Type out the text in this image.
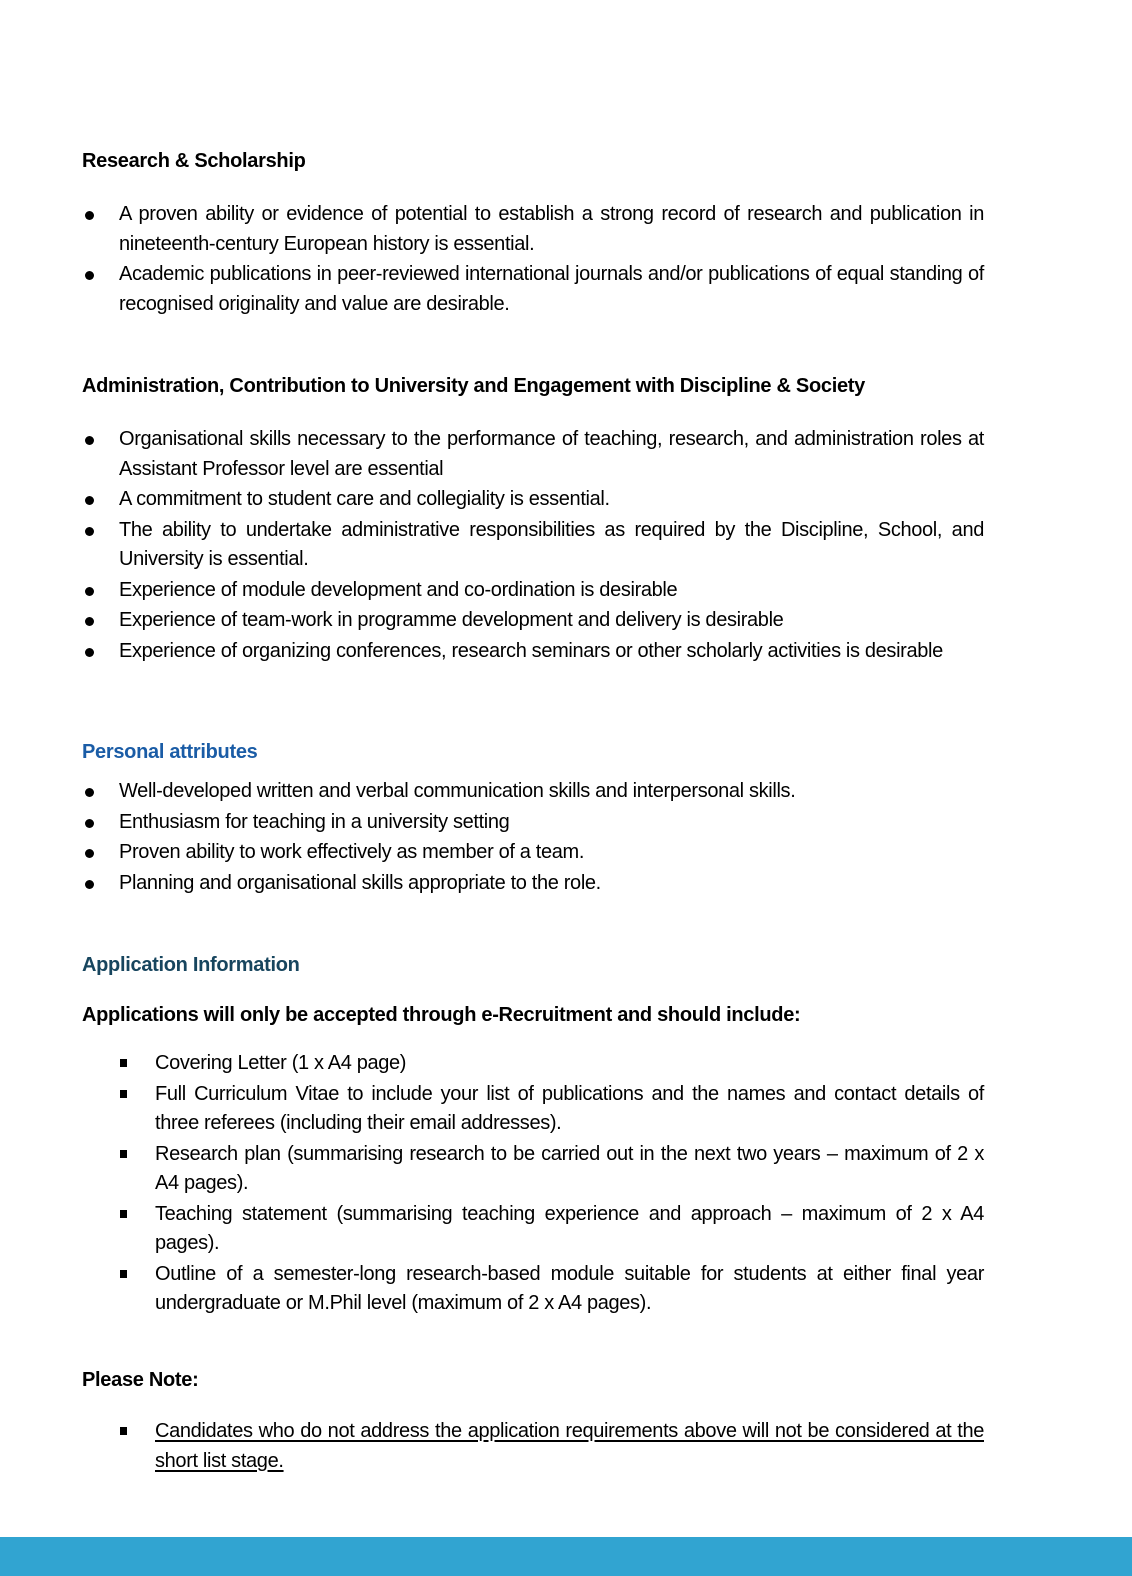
Research & Scholarship
A proven ability or evidence of potential to establish a strong record of research and publication in nineteenth-century European history is essential.
Academic publications in peer-reviewed international journals and/or publications of equal standing of recognised originality and value are desirable.
Administration, Contribution to University and Engagement with Discipline & Society
Organisational skills necessary to the performance of teaching, research, and administration roles at Assistant Professor level are essential
A commitment to student care and collegiality is essential.
The ability to undertake administrative responsibilities as required by the Discipline, School, and University is essential.
Experience of module development and co-ordination is desirable
Experience of team-work in programme development and delivery is desirable
Experience of organizing conferences, research seminars or other scholarly activities is desirable
Personal attributes
Well-developed written and verbal communication skills and interpersonal skills.
Enthusiasm for teaching in a university setting
Proven ability to work effectively as member of a team.
Planning and organisational skills appropriate to the role.
Application Information

Applications will only be accepted through e-Recruitment and should include:

Covering Letter (1 x A4 page)
Full Curriculum Vitae to include your list of publications and the names and contact details of three referees (including their email addresses).
Research plan (summarising research to be carried out in the next two years – maximum of 2 x A4 pages).
Teaching statement (summarising teaching experience and approach – maximum of 2 x A4 pages).
Outline of a semester-long research-based module suitable for students at either final year undergraduate or M.Phil level (maximum of 2 x A4 pages).
Please Note:
Candidates who do not address the application requirements above will not be considered at the short list stage.
